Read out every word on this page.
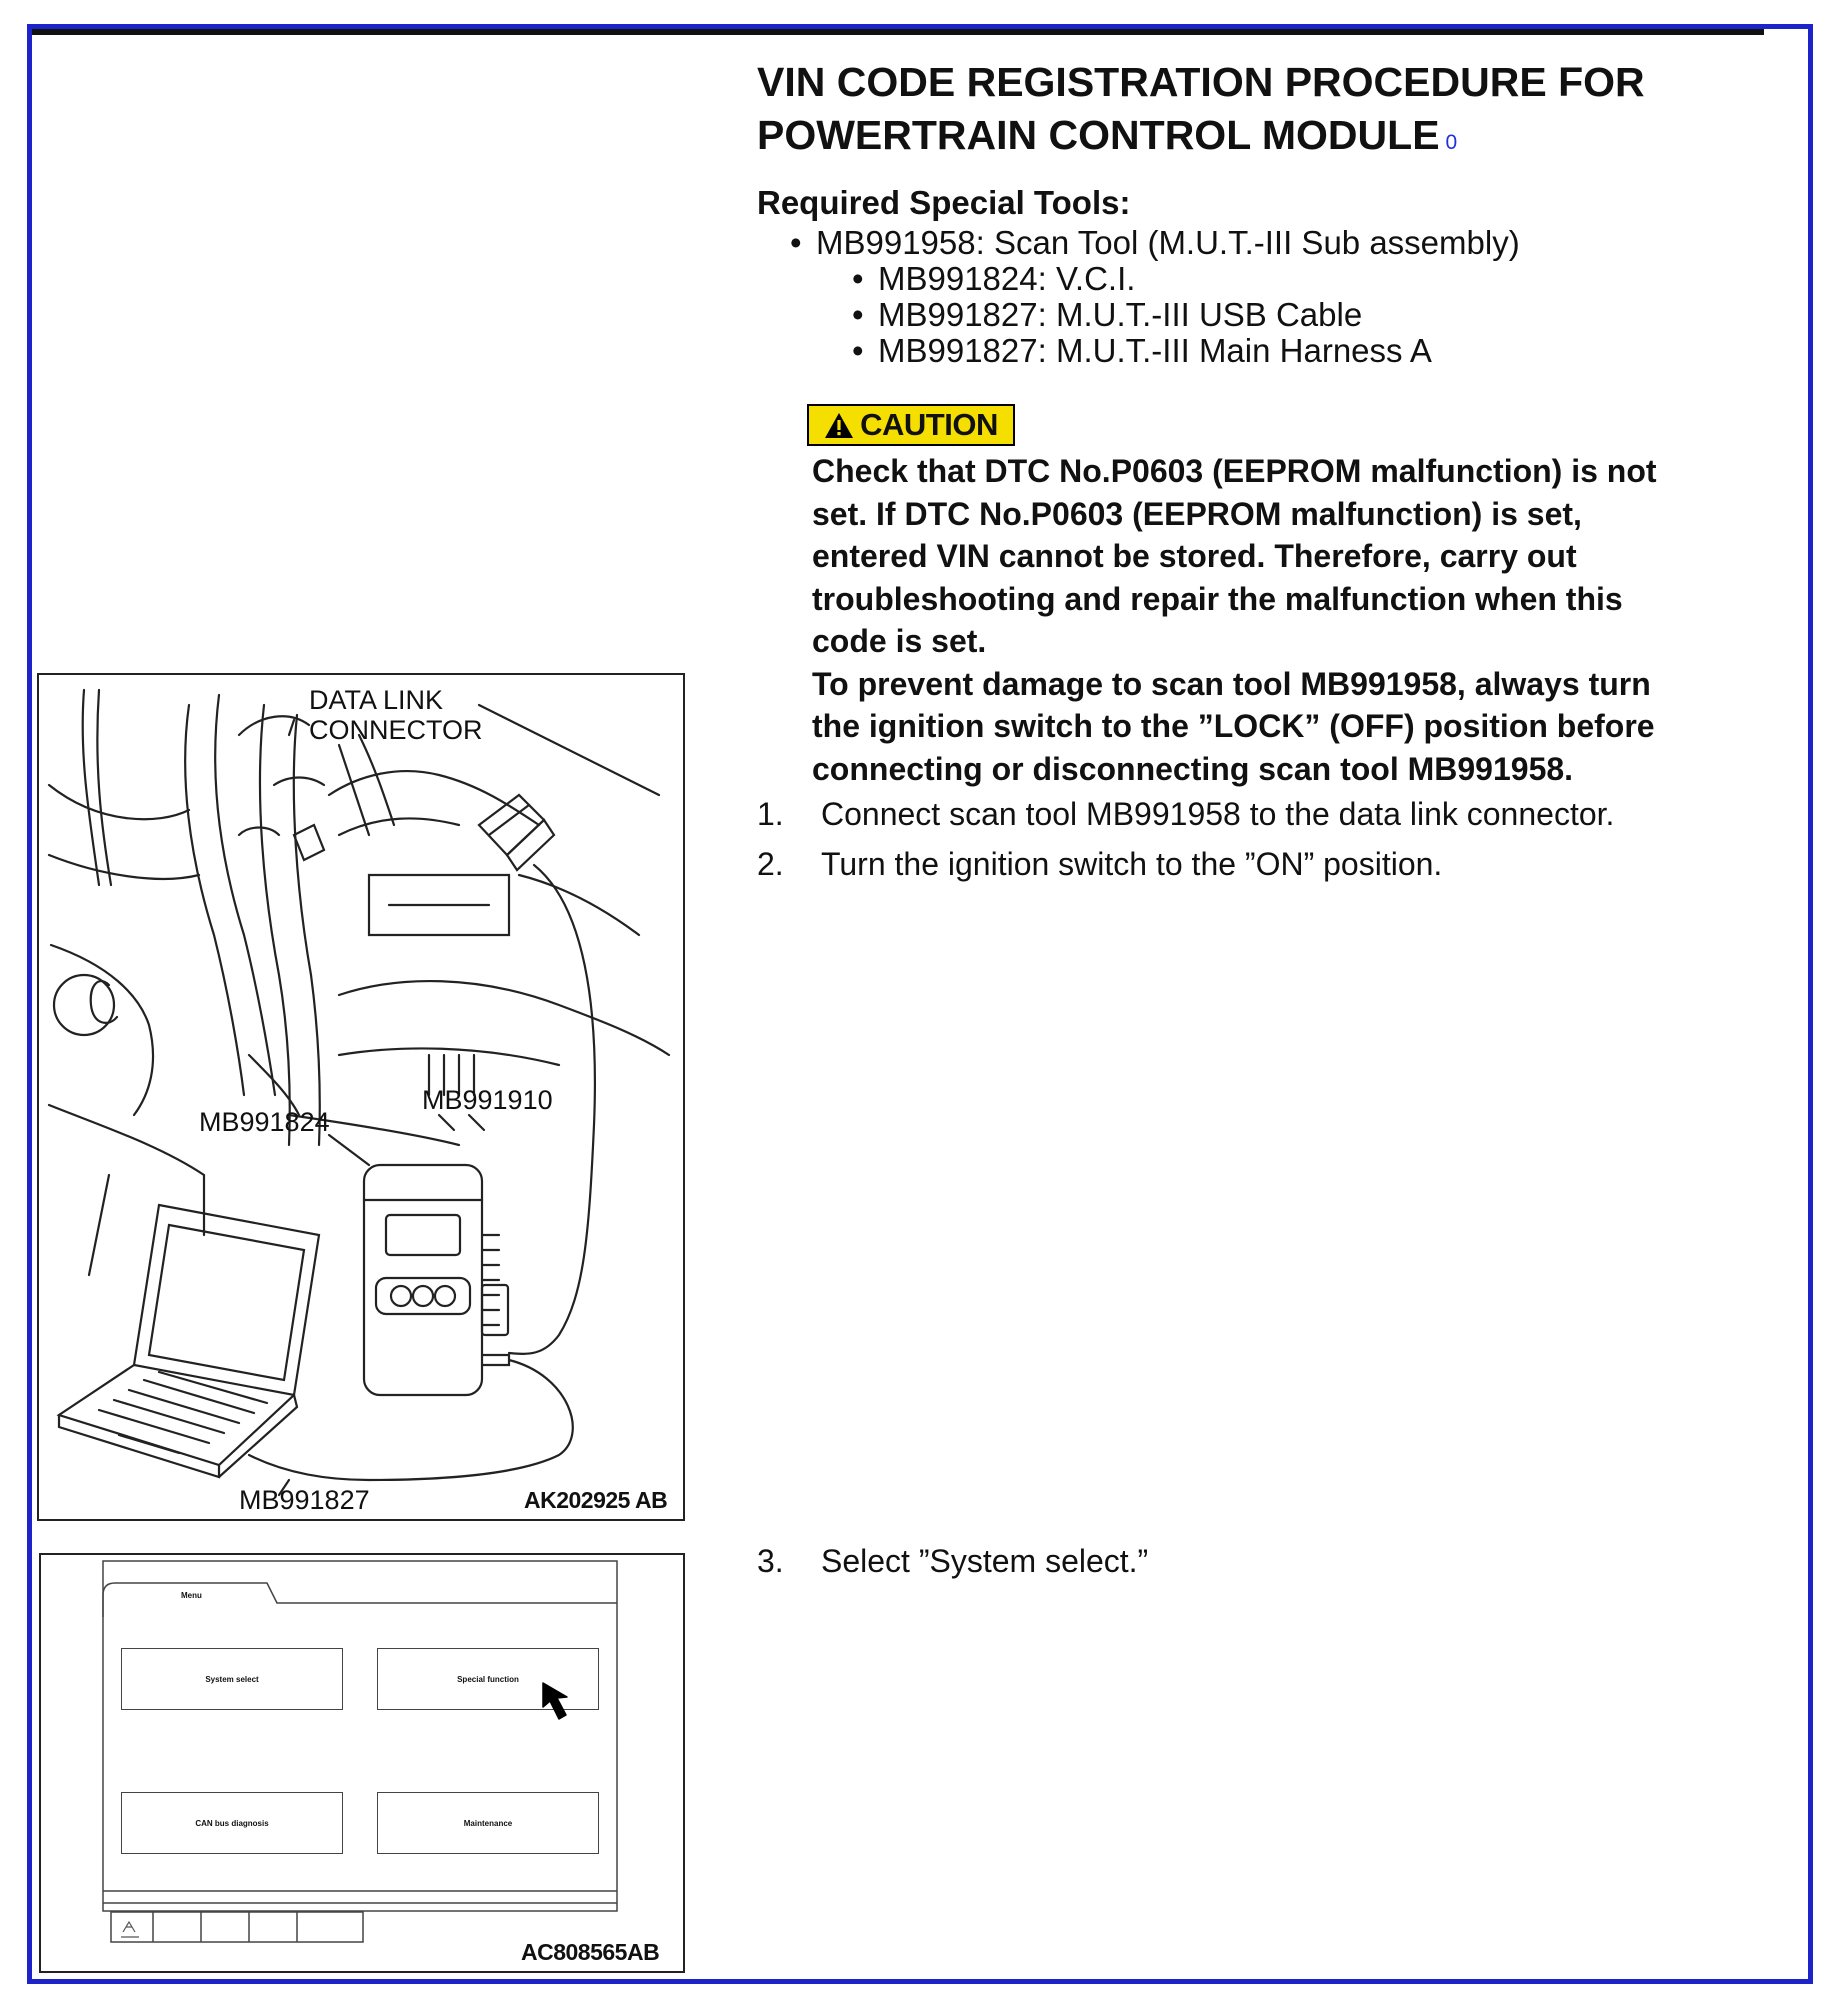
VIN CODE REGISTRATION PROCEDURE FOR
POWERTRAIN CONTROL MODULE 0
Required Special Tools:
• MB991958: Scan Tool (M.U.T.-III Sub assembly)
• MB991824: V.C.I.
• MB991827: M.U.T.-III USB Cable
• MB991827: M.U.T.-III Main Harness A
CAUTION

Check that DTC No.P0603 (EEPROM malfunction) is not
set. If DTC No.P0603 (EEPROM malfunction) is set,
entered VIN cannot be stored. Therefore, carry out
troubleshooting and repair the malfunction when this
code is set.
To prevent damage to scan tool MB991958, always turn
the ignition switch to the ”LOCK” (OFF) position before
connecting or disconnecting scan tool MB991958.

1. Connect scan tool MB991958 to the data link connector.

2. Turn the ignition switch to the ”ON” position.

3. Select ”System select.”

DATA LINK
CONNECTOR
MB991910
MB991824
MB991827	AK202925 AB
Menu
System select	Special function
CAN bus diagnosis	Maintenance
AC808565AB
